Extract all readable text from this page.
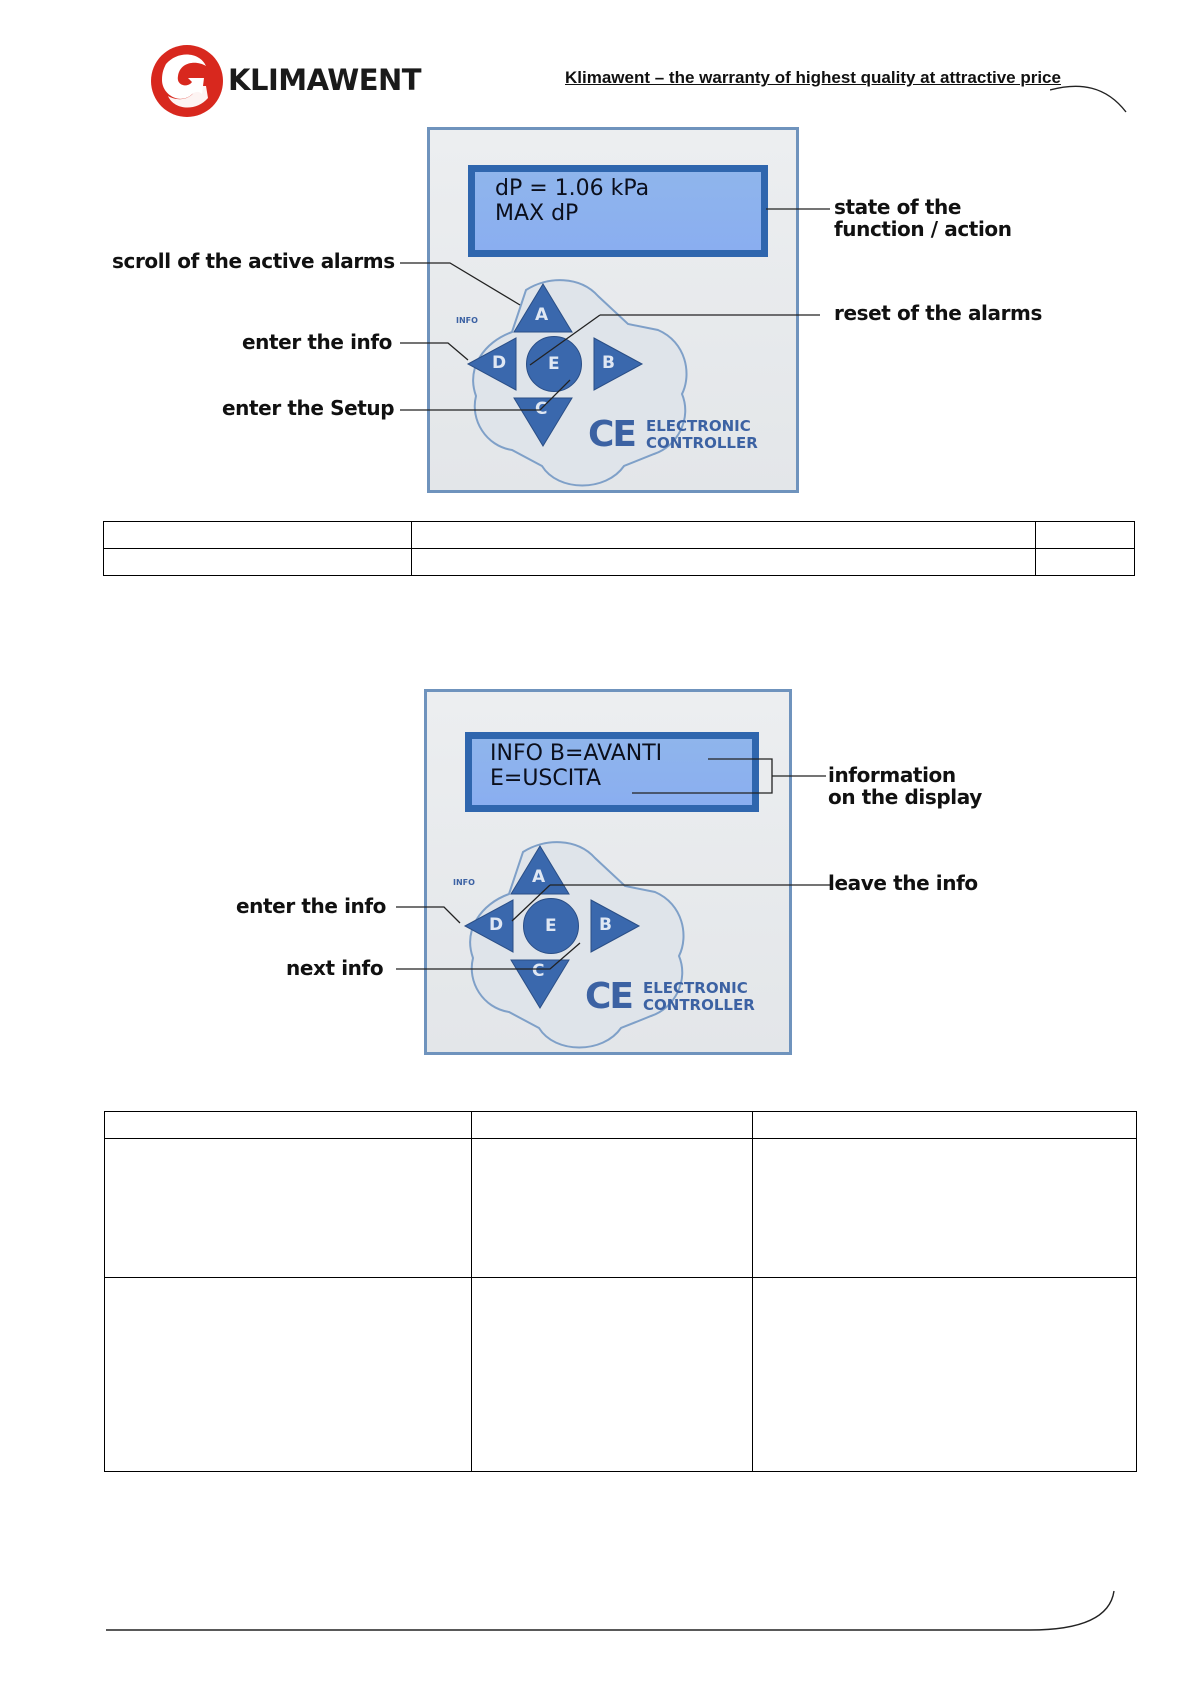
KLIMAWENT	Klimawent – the warranty of highest quality at attractive price
dP = 1.06 kPa
MAX dP
A
D
INFO
E B
C
CE ELECTRONIC
CONTROLLER
state of the
function / action
scroll of the active alarms
reset of the alarms
enter the info
enter the Setup

INFO B=AVANTI
E=USCITA
A
D
INFO
E B
C
CE ELECTRONIC
CONTROLLER
information
on the display
leave the info
enter the info
next info
